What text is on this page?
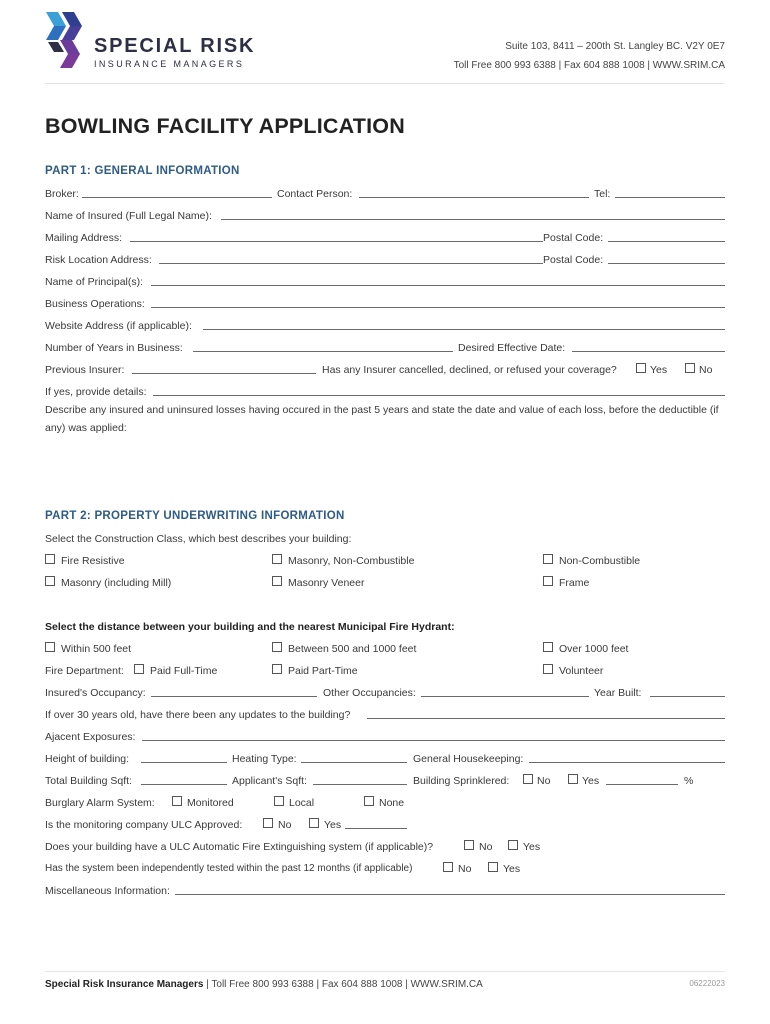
SPECIAL RISK
INSURANCE MANAGERS
Suite 103, 8411 – 200th St. Langley BC. V2Y 0E7
Toll Free 800 993 6388 | Fax 604 888 1008 | WWW.SRIM.CA
BOWLING FACILITY APPLICATION
PART 1: GENERAL INFORMATION
Broker:	Contact Person:	Tel:
Name of Insured (Full Legal Name):
Mailing Address:	Postal Code:
Risk Location Address:	Postal Code:
Name of Principal(s):
Business Operations:
Website Address (if applicable):
Number of Years in Business:	Desired Effective Date:
Previous Insurer:	Has any Insurer cancelled, declined, or refused your coverage?	Yes	No
If yes, provide details:
Describe any insured and uninsured losses having occured in the past 5 years and state the date and value of each loss, before the deductible (if any) was applied:
PART 2: PROPERTY UNDERWRITING INFORMATION
Select the Construction Class, which best describes your building:
Fire Resistive	Masonry, Non-Combustible	Non-Combustible
Masonry (including Mill)	Masonry Veneer	Frame
Select the distance between your building and the nearest Municipal Fire Hydrant:
Within 500 feet	Between 500 and 1000 feet	Over 1000 feet
Fire Department: Paid Full-Time	Paid Part-Time	Volunteer
Insured's Occupancy:	Other Occupancies:	Year Built:
If over 30 years old, have there been any updates to the building?
Ajacent Exposures:
Height of building:	Heating Type:	General Housekeeping:
Total Building Sqft:	Applicant's Sqft:	Building Sprinklered:	No	Yes	%
Burglary Alarm System:	Monitored	Local	None
Is the monitoring company ULC Approved:	No	Yes
Does your building have a ULC Automatic Fire Extinguishing system (if applicable)?	No	Yes
Has the system been independently tested within the past 12 months (if applicable)	No	Yes
Miscellaneous Information:
Special Risk Insurance Managers | Toll Free 800 993 6388 | Fax 604 888 1008 | WWW.SRIM.CA	06222023
